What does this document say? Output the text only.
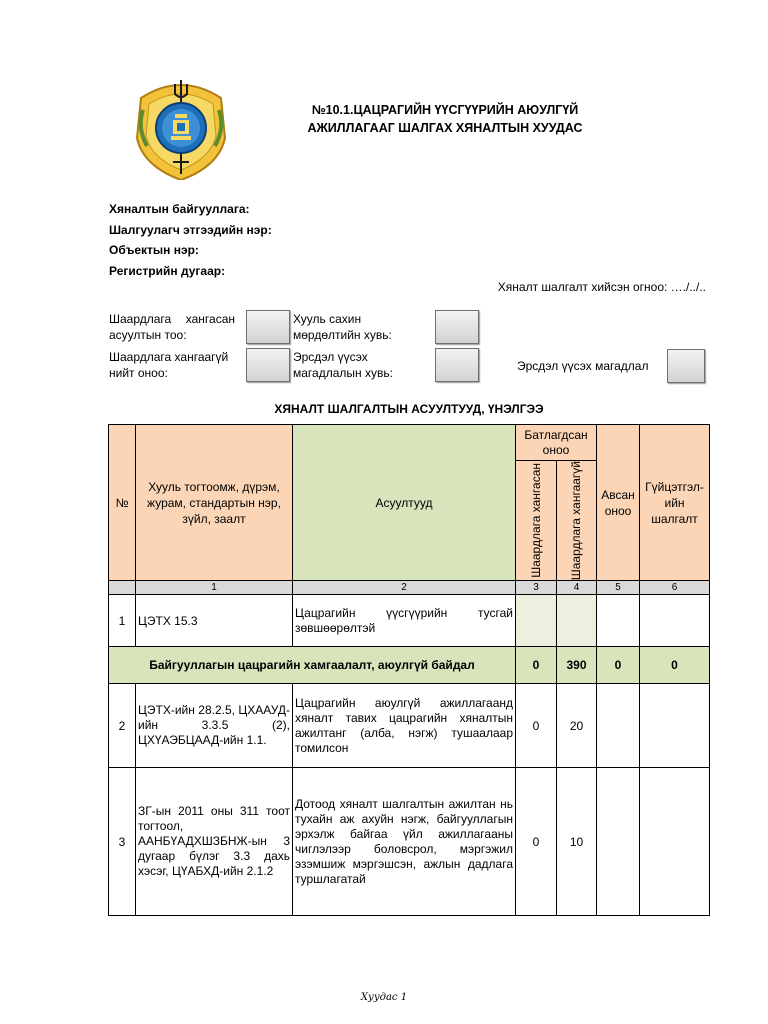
№10.1.ЦАЦРАГИЙН ҮҮСГҮҮРИЙН АЮУЛГҮЙ
АЖИЛЛАГААГ ШАЛГАХ ХЯНАЛТЫН ХУУДАС
Хяналтын байгууллага:
Шалгуулагч этгээдийн нэр:
Объектын нэр:
Регистрийн дугаар:
Хяналт шалгалт хийсэн огноо: …./../..
Шаардлага хангасан
асуултын тоо:
Хууль сахин
мөрдөлтийн хувь:
Шаардлага хангаагүй
нийт оноо:
Эрсдэл үүсэх
магадлалын хувь:	Эрсдэл үүсэх магадлал
ХЯНАЛТ ШАЛГАЛТЫН АСУУЛТУУД, ҮНЭЛГЭЭ
№	Хууль тогтоомж, дүрэм, журам, стандартын нэр, зүйл, заалт	Асуултууд	Батлагдсан оноо		Авсан оноо	Гүйцэтгэл-ийн шалгалт

			Шаардлага хангасан	Шаардлага хангаагүй		

	1	2	3	4	5	6
1	ЦЭТХ 15.3	Цацрагийн үүсгүүрийн тусгай зөвшөөрөлтэй				
Байгууллагын цацрагийн хамгаалалт, аюулгүй байдал			0	390	0	0
2	ЦЭТХ-ийн 28.2.5, ЦХААУД-ийн 3.3.5 (2), ЦХҮАЭБЦААД-ийн 1.1.	Цацрагийн аюулгүй ажиллагаанд хяналт тавих цацрагийн хяналтын ажилтанг (алба, нэгж) тушаалаар томилсон	0	20		
3	ЗГ-ын 2011 оны 311 тоот тогтоол, ААНБҮАДХШЗБНЖ-ын 3 дугаар бүлэг 3.3 дахь хэсэг, ЦҮАБХД-ийн 2.1.2	Дотоод хяналт шалгалтын ажилтан нь тухайн аж ахуйн нэгж, байгууллагын эрхэлж байгаа үйл ажиллагааны чиглэлээр боловсрол, мэргэжил эзэмшиж мэргэшсэн, ажлын дадлага туршлагатай	0	10		
Хуудас 1
